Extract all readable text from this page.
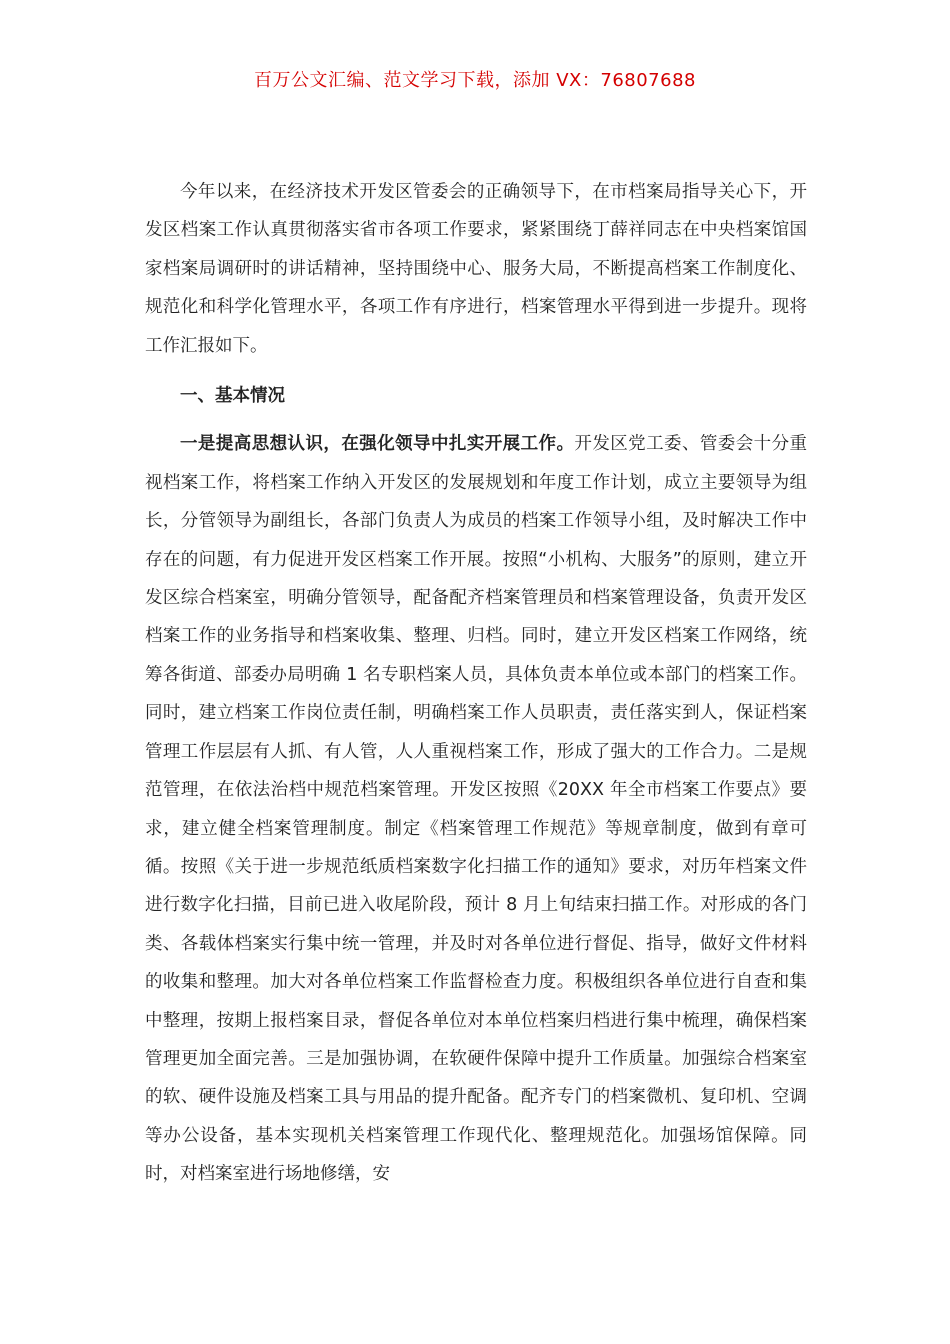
百万公文汇编、范文学习下载，添加 VX：76807688

今年以来，在经济技术开发区管委会的正确领导下，在市档案局指导关心下，开发区档案工作认真贯彻落实省市各项工作要求，紧紧围绕丁薛祥同志在中央档案馆国家档案局调研时的讲话精神，坚持围绕中心、服务大局，不断提高档案工作制度化、规范化和科学化管理水平，各项工作有序进行，档案管理水平得到进一步提升。现将工作汇报如下。

一、基本情况

一是提高思想认识，在强化领导中扎实开展工作。开发区党工委、管委会十分重视档案工作，将档案工作纳入开发区的发展规划和年度工作计划，成立主要领导为组长，分管领导为副组长，各部门负责人为成员的档案工作领导小组，及时解决工作中存在的问题，有力促进开发区档案工作开展。按照“小机构、大服务”的原则，建立开发区综合档案室，明确分管领导，配备配齐档案管理员和档案管理设备，负责开发区档案工作的业务指导和档案收集、整理、归档。同时，建立开发区档案工作网络，统筹各街道、部委办局明确 1 名专职档案人员，具体负责本单位或本部门的档案工作。同时，建立档案工作岗位责任制，明确档案工作人员职责，责任落实到人，保证档案管理工作层层有人抓、有人管，人人重视档案工作，形成了强大的工作合力。二是规范管理，在依法治档中规范档案管理。开发区按照《20XX 年全市档案工作要点》要求，建立健全档案管理制度。制定《档案管理工作规范》等规章制度，做到有章可循。按照《关于进一步规范纸质档案数字化扫描工作的通知》要求，对历年档案文件进行数字化扫描，目前已进入收尾阶段，预计 8 月上旬结束扫描工作。对形成的各门类、各载体档案实行集中统一管理，并及时对各单位进行督促、指导，做好文件材料的收集和整理。加大对各单位档案工作监督检查力度。积极组织各单位进行自查和集中整理，按期上报档案目录，督促各单位对本单位档案归档进行集中梳理，确保档案管理更加全面完善。三是加强协调，在软硬件保障中提升工作质量。加强综合档案室的软、硬件设施及档案工具与用品的提升配备。配齐专门的档案微机、复印机、空调等办公设备，基本实现机关档案管理工作现代化、整理规范化。加强场馆保障。同时，对档案室进行场地修缮，安
